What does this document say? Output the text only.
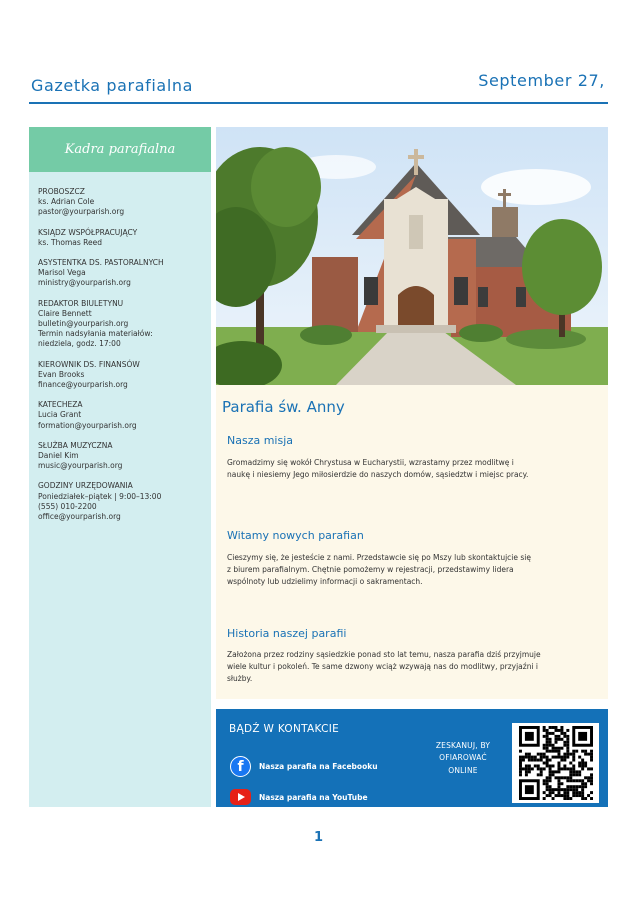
Gazetka parafialna	September 27,
Kadra parafialna
PROBOSZCZ
ks. Adrian Cole
pastor@yourparish.org
KSIĄDZ WSPÓŁPRACUJĄCY
ks. Thomas Reed
ASYSTENTKA DS. PASTORALNYCH
Marisol Vega
ministry@yourparish.org
REDAKTOR BIULETYNU
Claire Bennett
bulletin@yourparish.org
Termin nadsyłania materiałów:
niedziela, godz. 17:00
KIEROWNIK DS. FINANSÓW
Evan Brooks
finance@yourparish.org
KATECHEZA
Lucia Grant
formation@yourparish.org
SŁUŻBA MUZYCZNA
Daniel Kim
music@yourparish.org
GODZINY URZĘDOWANIA
Poniedziałek–piątek | 9:00–13:00
(555) 010-2200
office@yourparish.org
Parafia św. Anny
Nasza misja
Gromadzimy się wokół Chrystusa w Eucharystii, wzrastamy przez modlitwę i
naukę i niesiemy Jego miłosierdzie do naszych domów, sąsiedztw i miejsc pracy.
Witamy nowych parafian
Cieszymy się, że jesteście z nami. Przedstawcie się po Mszy lub skontaktujcie się
z biurem parafialnym. Chętnie pomożemy w rejestracji, przedstawimy lidera
wspólnoty lub udzielimy informacji o sakramentach.
Historia naszej parafii
Założona przez rodziny sąsiedzkie ponad sto lat temu, nasza parafia dziś przyjmuje
wiele kultur i pokoleń. Te same dzwony wciąż wzywają nas do modlitwy, przyjaźni i
służby.
BĄDŹ W KONTAKCIE
f	Nasza parafia na Facebooku
Nasza parafia na YouTube
ZESKANUJ, BY
OFIAROWAĆ
ONLINE
1
